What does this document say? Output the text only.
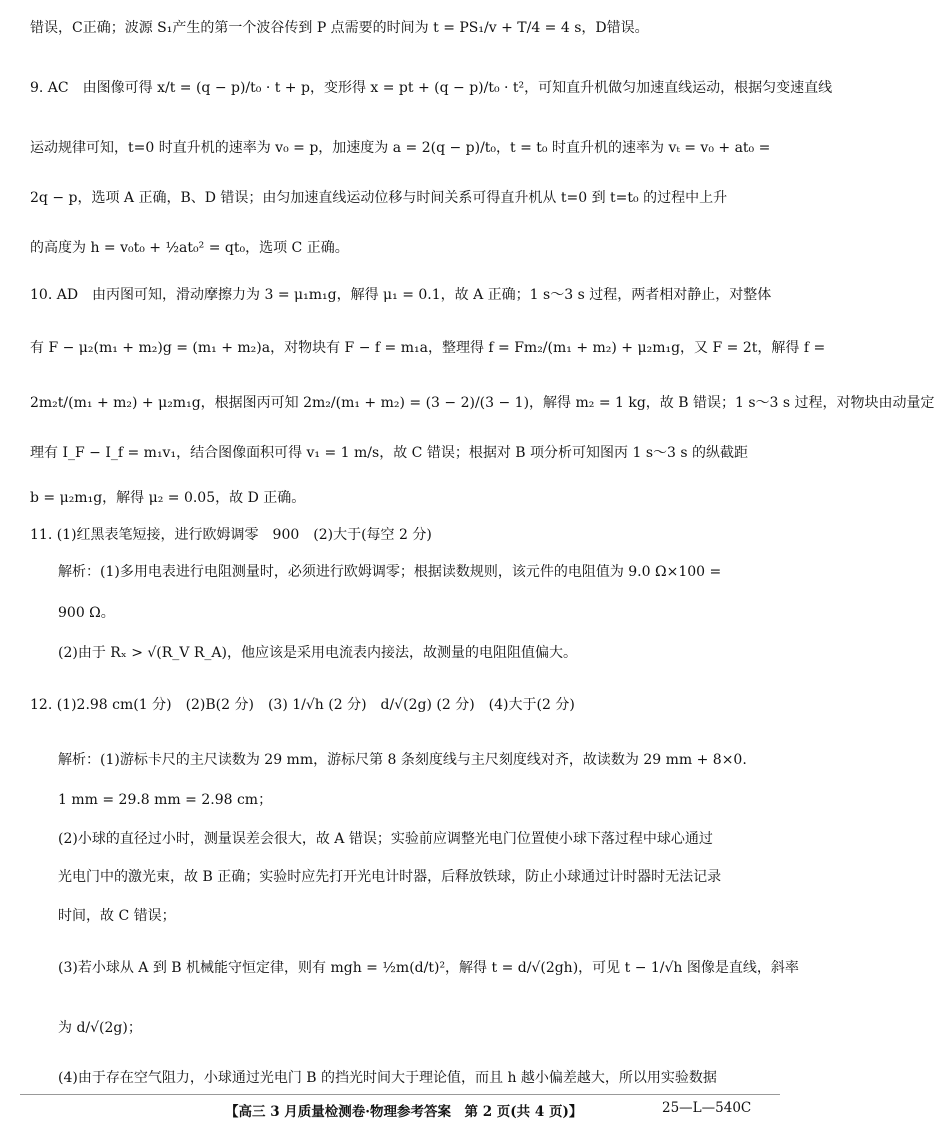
错误，C正确；波源 S₁产生的第一个波谷传到 P 点需要的时间为 t = PS₁/v + T/4 = 4 s，D错误。
9. AC　由图像可得 x/t = (q − p)/t₀ · t + p，变形得 x = pt + (q − p)/t₀ · t²，可知直升机做匀加速直线运动，根据匀变速直线
运动规律可知，t=0 时直升机的速率为 v₀ = p，加速度为 a = 2(q − p)/t₀，t = t₀ 时直升机的速率为 vₜ = v₀ + at₀ =
2q − p，选项 A 正确，B、D 错误；由匀加速直线运动位移与时间关系可得直升机从 t=0 到 t=t₀ 的过程中上升
的高度为 h = v₀t₀ + ½at₀² = qt₀，选项 C 正确。
10. AD　由丙图可知，滑动摩擦力为 3 = μ₁m₁g，解得 μ₁ = 0.1，故 A 正确；1 s～3 s 过程，两者相对静止，对整体
有 F − μ₂(m₁ + m₂)g = (m₁ + m₂)a，对物块有 F − f = m₁a，整理得 f = Fm₂/(m₁ + m₂) + μ₂m₁g，又 F = 2t，解得 f =
2m₂t/(m₁ + m₂) + μ₂m₁g，根据图丙可知 2m₂/(m₁ + m₂) = (3 − 2)/(3 − 1)，解得 m₂ = 1 kg，故 B 错误；1 s～3 s 过程，对物块由动量定
理有 I_F − I_f = m₁v₁，结合图像面积可得 v₁ = 1 m/s，故 C 错误；根据对 B 项分析可知图丙 1 s～3 s 的纵截距
b = μ₂m₁g，解得 μ₂ = 0.05，故 D 正确。
11. (1)红黑表笔短接，进行欧姆调零　900　(2)大于(每空 2 分)
解析：(1)多用电表进行电阻测量时，必须进行欧姆调零；根据读数规则，该元件的电阻值为 9.0 Ω×100 =
900 Ω。
(2)由于 Rₓ > √(R_V R_A)，他应该是采用电流表内接法，故测量的电阻阻值偏大。
12. (1)2.98 cm(1 分)　(2)B(2 分)　(3) 1/√h (2 分)　d/√(2g) (2 分)　(4)大于(2 分)
解析：(1)游标卡尺的主尺读数为 29 mm，游标尺第 8 条刻度线与主尺刻度线对齐，故读数为 29 mm + 8×0.
1 mm = 29.8 mm = 2.98 cm；
(2)小球的直径过小时，测量误差会很大，故 A 错误；实验前应调整光电门位置使小球下落过程中球心通过
光电门中的激光束，故 B 正确；实验时应先打开光电计时器，后释放铁球，防止小球通过计时器时无法记录
时间，故 C 错误；
(3)若小球从 A 到 B 机械能守恒定律，则有 mgh = ½m(d/t)²，解得 t = d/√(2gh)，可见 t − 1/√h 图像是直线，斜率
为 d/√(2g)；
(4)由于存在空气阻力，小球通过光电门 B 的挡光时间大于理论值，而且 h 越小偏差越大，所以用实验数据
【高三 3 月质量检测卷·物理参考答案　第 2 页(共 4 页)】	25—L—540C
